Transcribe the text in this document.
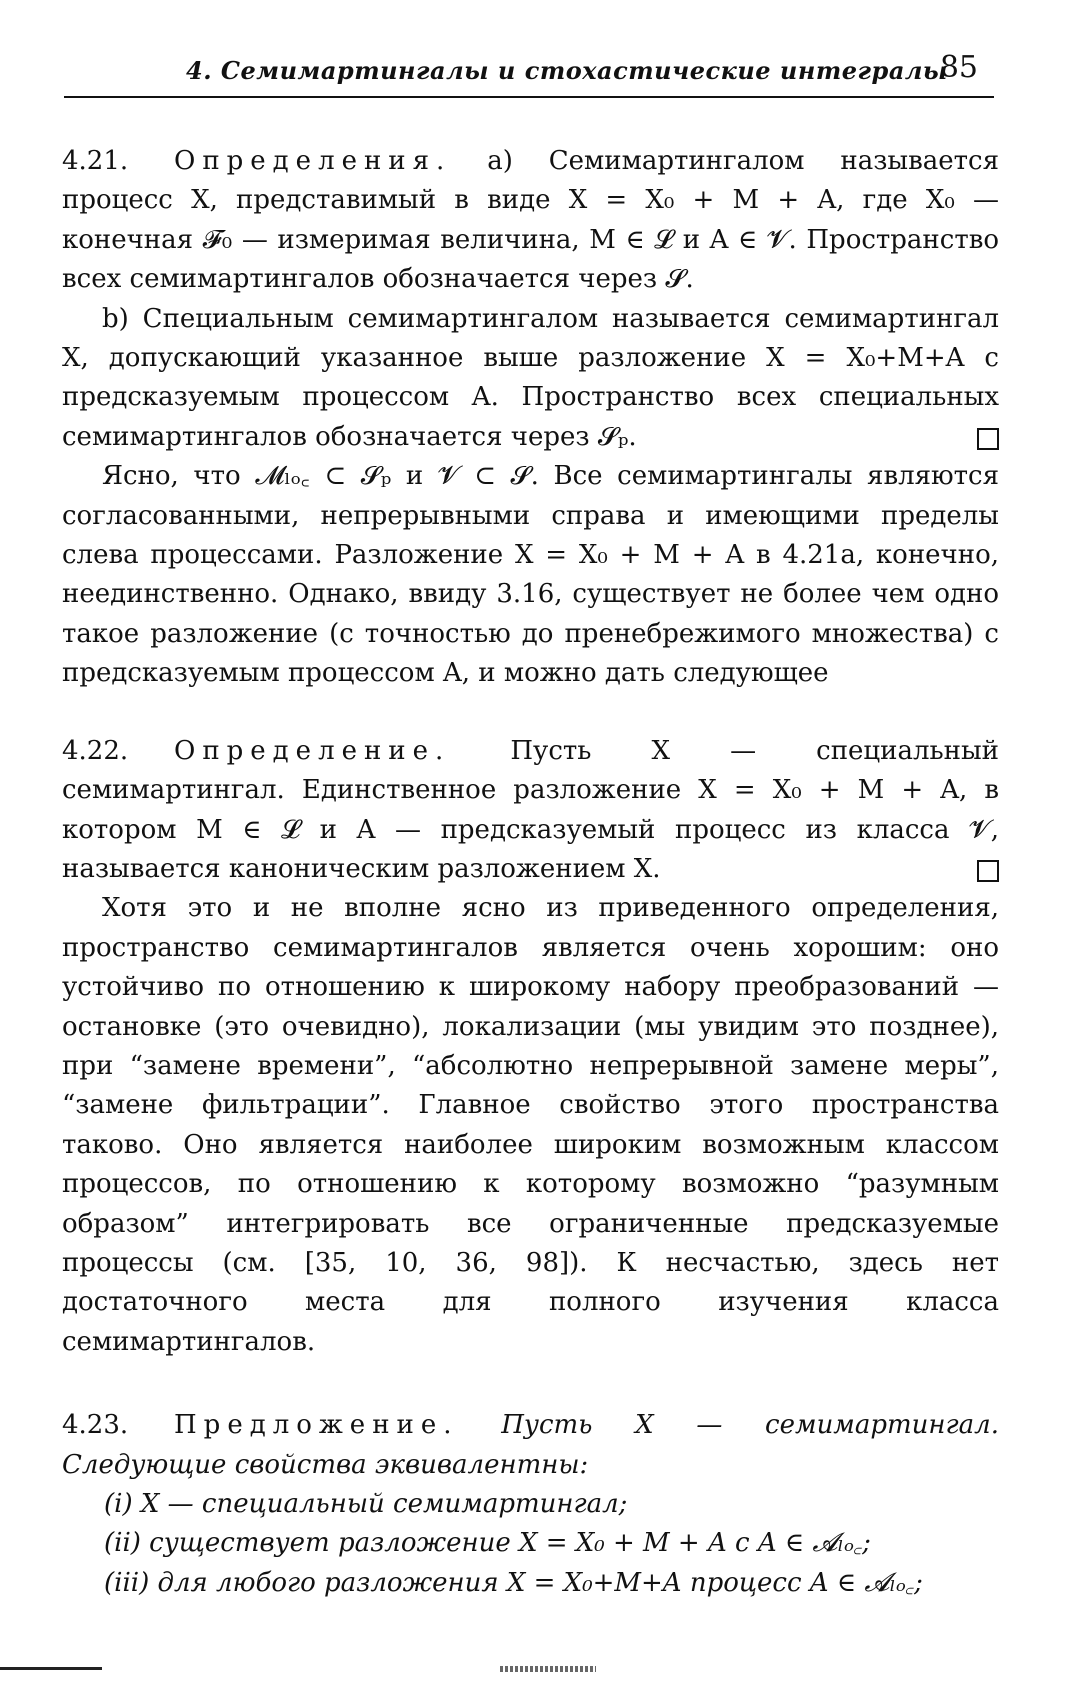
4. Семимартингалы и стохастические интегралы
85

4.21. Определения. а) Семимартингалом называется процесс X, представимый в виде X = X₀ + M + A, где X₀ — конечная 𝓕₀ — измеримая величина, M ∈ 𝓛 и A ∈ 𝓥. Пространство всех семимартингалов обозначается через 𝓢.

b) Специальным семимартингалом называется семимартингал X, допускающий указанное выше разложение X = X₀+M+A с предсказуемым процессом A. Пространство всех специальных семимартингалов обозначается через 𝓢ₚ.

Ясно, что 𝓜ₗₒ꜀ ⊂ 𝓢ₚ и 𝓥 ⊂ 𝓢. Все семимартингалы являются согласованными, непрерывными справа и имеющими пределы слева процессами. Разложение X = X₀ + M + A в 4.21а, конечно, неединственно. Однако, ввиду 3.16, существует не более чем одно такое разложение (с точностью до пренебрежимого множества) с предсказуемым процессом A, и можно дать следующее

4.22. Определение. Пусть X — специальный семимартингал. Единственное разложение X = X₀ + M + A, в котором M ∈ 𝓛 и A — предсказуемый процесс из класса 𝓥, называется каноническим разложением X.

Хотя это и не вполне ясно из приведенного определения, пространство семимартингалов является очень хорошим: оно устойчиво по отношению к широкому набору преобразований — остановке (это очевидно), локализации (мы увидим это позднее), при “замене времени”, “абсолютно непрерывной замене меры”, “замене фильтрации”. Главное свойство этого пространства таково. Оно является наиболее широким возможным классом процессов, по отношению к которому возможно “разумным образом” интегрировать все ограниченные предсказуемые процессы (см. [35, 10, 36, 98]). К несчастью, здесь нет достаточного места для полного изучения класса семимартингалов.

4.23. Предложение. Пусть X — семимартингал. Следующие свойства эквивалентны:

(i) X — специальный семимартингал;
(ii) существует разложение X = X₀ + M + A с A ∈ 𝓐ₗₒ꜀;
(iii) для любого разложения X = X₀+M+A процесс A ∈ 𝓐ₗₒ꜀;
